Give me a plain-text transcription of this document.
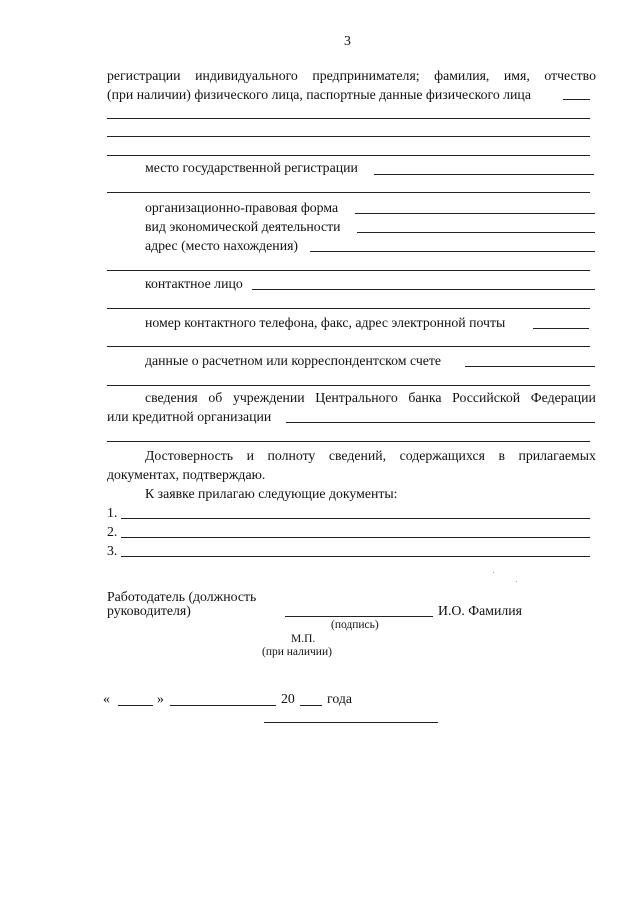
3
регистрации индивидуального предпринимателя; фамилия, имя, отчество
(при наличии) физического лица, паспортные данные физического лица
место государственной регистрации
организационно-правовая форма
вид экономической деятельности
адрес (место нахождения)
контактное лицо
номер контактного телефона, факс, адрес электронной почты
данные о расчетном или корреспондентском счете
сведения об учреждении Центрального банка Российской Федерации
или кредитной организации
Достоверность и полноту сведений, содержащихся в прилагаемых
документах, подтверждаю.
К заявке прилагаю следующие документы:
1.
2.
3.
Работодатель (должность
руководителя)	И.О. Фамилия
(подпись)
М.П.
(при наличии)
«	»	20 года
